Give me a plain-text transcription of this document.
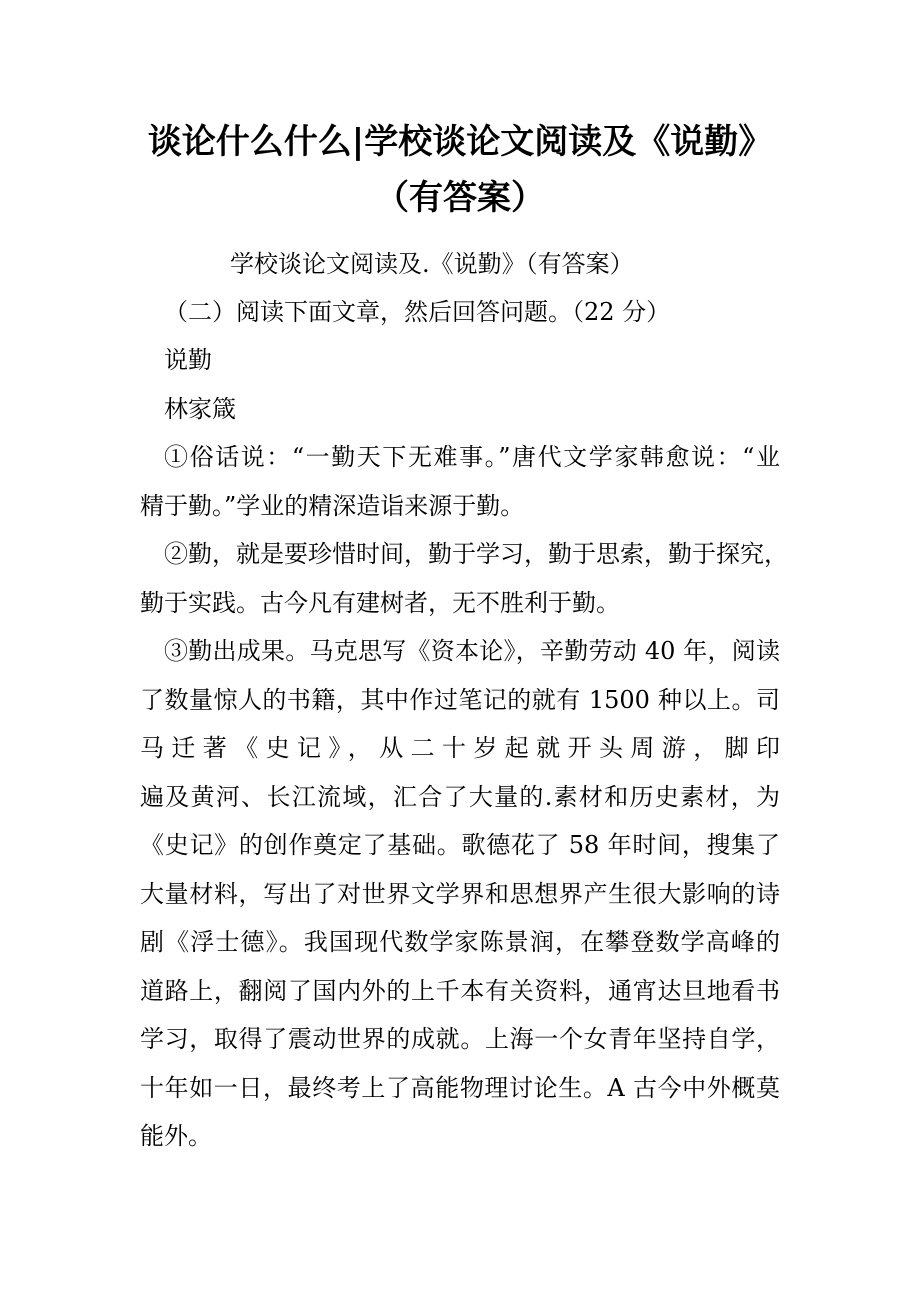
谈论什么什么|学校谈论文阅读及《说勤》
（有答案）
学校谈论文阅读及.《说勤》（有答案）
（二）阅读下面文章，然后回答问题。（22 分）
说勤
林家箴
①俗话说：“一勤天下无难事。”唐代文学家韩愈说：“业
精于勤。”学业的精深造诣来源于勤。
②勤，就是要珍惜时间，勤于学习，勤于思索，勤于探究，
勤于实践。古今凡有建树者，无不胜利于勤。
③勤出成果。马克思写《资本论》，辛勤劳动 40 年，阅读
了数量惊人的书籍，其中作过笔记的就有 1500 种以上。司
马迁著《史记》，从二十岁起就开头周游，脚印
遍及黄河、长江流域，汇合了大量的.素材和历史素材，为
《史记》的创作奠定了基础。歌德花了 58 年时间，搜集了
大量材料，写出了对世界文学界和思想界产生很大影响的诗
剧《浮士德》。我国现代数学家陈景润，在攀登数学高峰的
道路上，翻阅了国内外的上千本有关资料，通宵达旦地看书
学习，取得了震动世界的成就。上海一个女青年坚持自学，
十年如一日，最终考上了高能物理讨论生。A 古今中外概莫
能外。
